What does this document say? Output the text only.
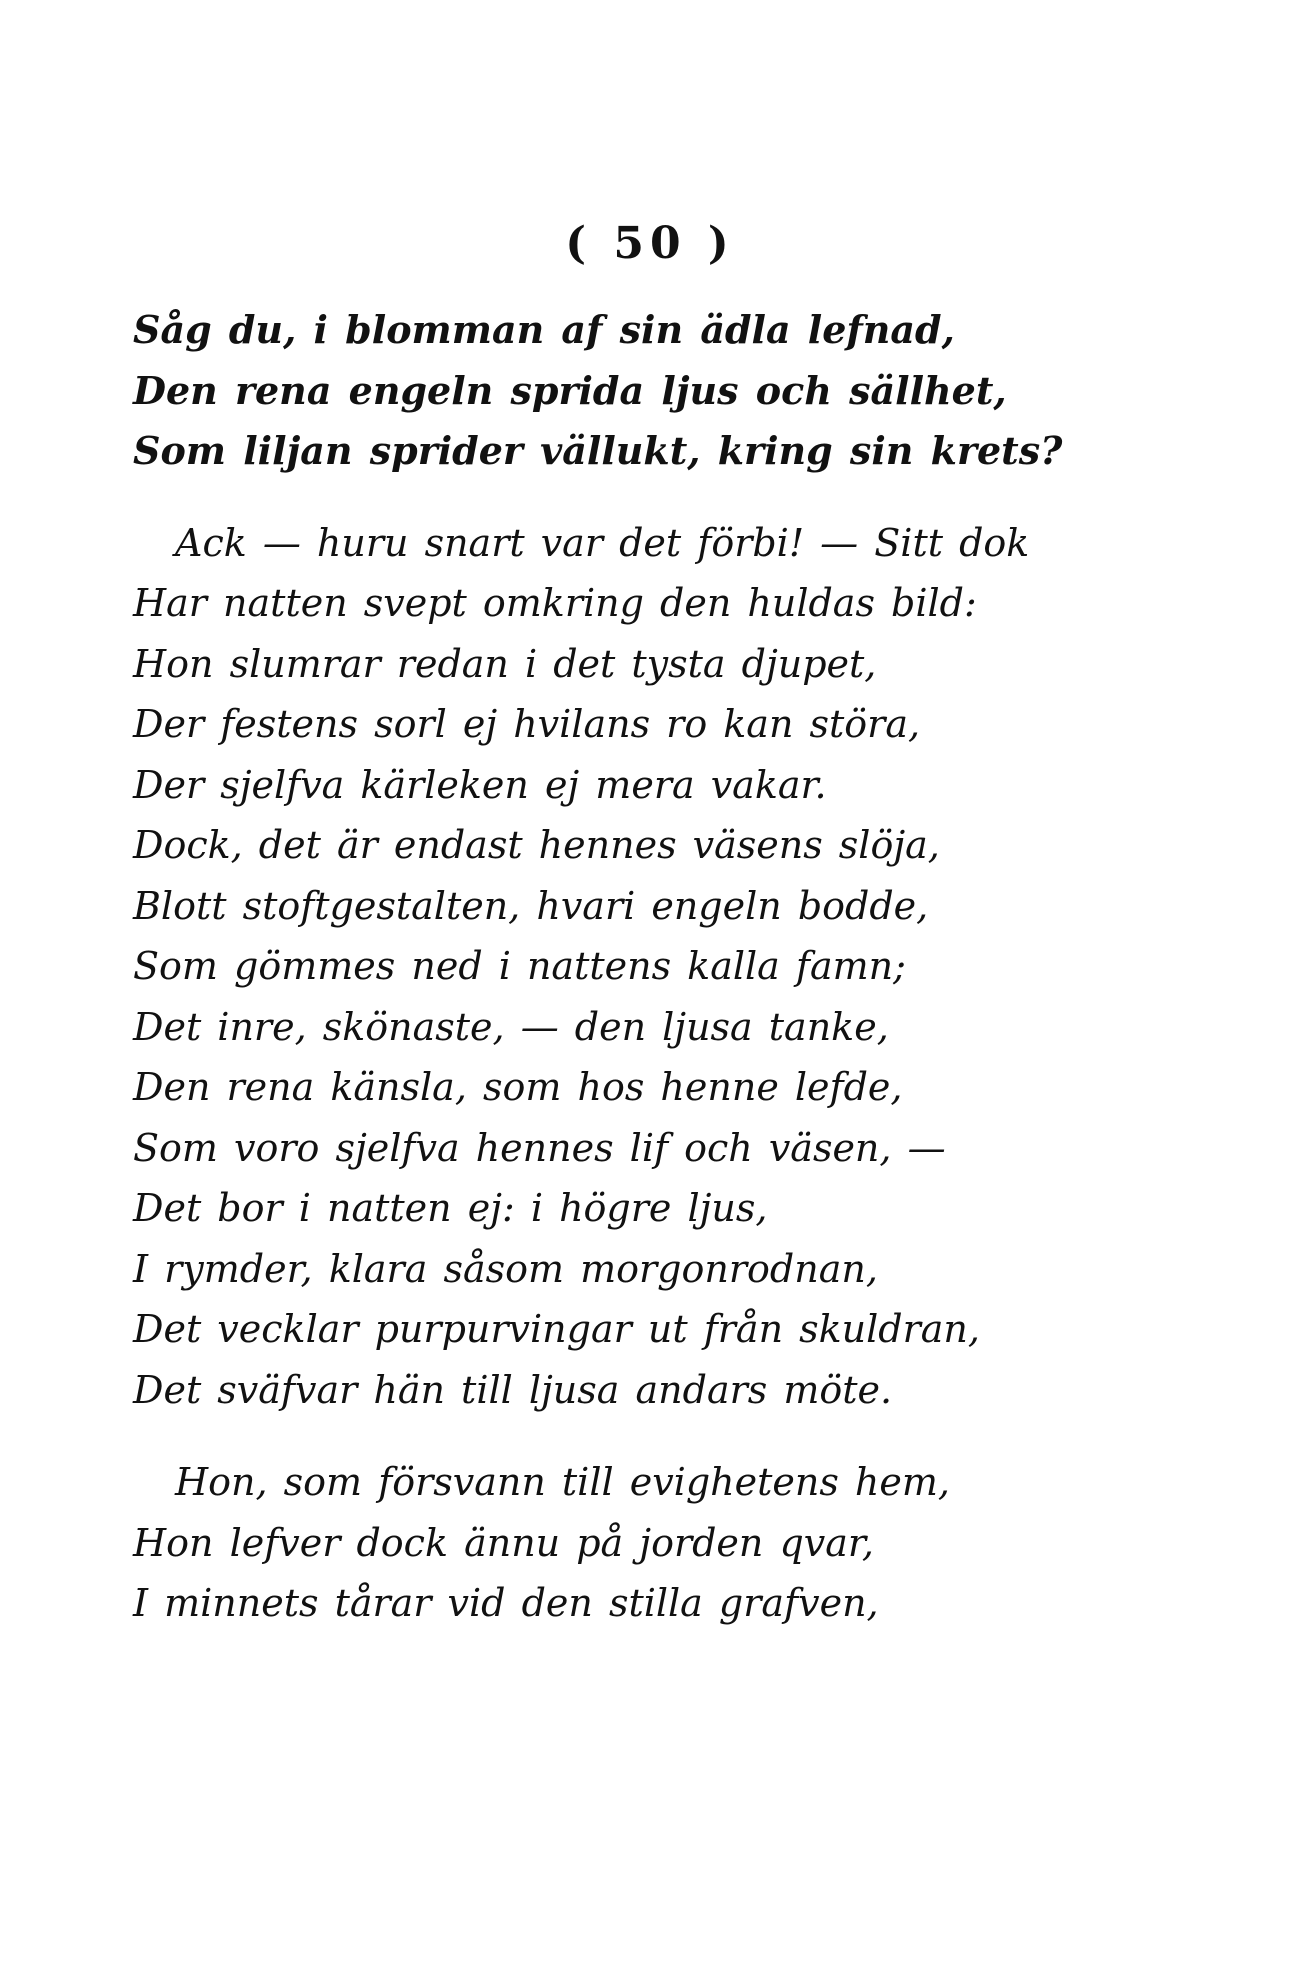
( 50 )
Såg du, i blomman af sin ädla lefnad,
Den rena engeln sprida ljus och sällhet,
Som liljan sprider vällukt, kring sin krets?
Ack — huru snart var det förbi! — Sitt dok
Har natten svept omkring den huldas bild:
Hon slumrar redan i det tysta djupet,
Der festens sorl ej hvilans ro kan störa,
Der sjelfva kärleken ej mera vakar.
Dock, det är endast hennes väsens slöja,
Blott stoftgestalten, hvari engeln bodde,
Som gömmes ned i nattens kalla famn;
Det inre, skönaste, — den ljusa tanke,
Den rena känsla, som hos henne lefde,
Som voro sjelfva hennes lif och väsen, —
Det bor i natten ej: i högre ljus,
I rymder, klara såsom morgonrodnan,
Det vecklar purpurvingar ut från skuldran,
Det sväfvar hän till ljusa andars möte.
Hon, som försvann till evighetens hem,
Hon lefver dock ännu på jorden qvar,
I minnets tårar vid den stilla grafven,
